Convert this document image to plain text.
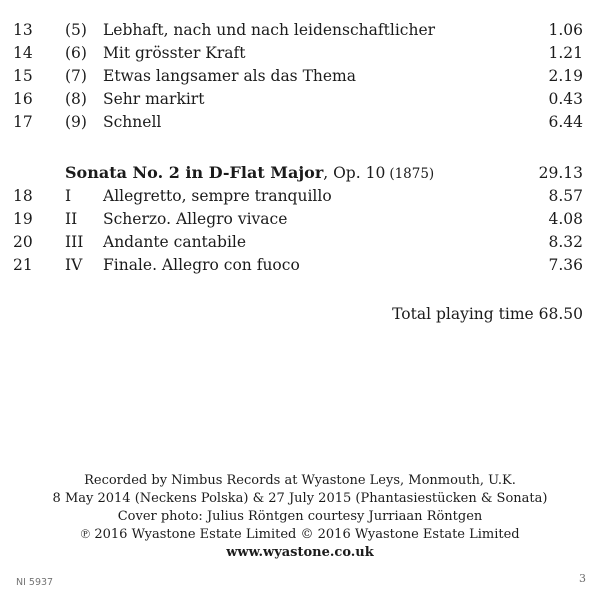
13	(5)	Lebhaft, nach und nach leidenschaftlicher	1.06
14	(6)	Mit grösster Kraft	1.21
15	(7)	Etwas langsamer als das Thema	2.19
16	(8)	Sehr markirt	0.43
17	(9)	Schnell	6.44
Sonata No. 2 in D-Flat Major, Op. 10 (1875)	29.13
18	I	Allegretto, sempre tranquillo	8.57
19	II	Scherzo. Allegro vivace	4.08
20	III	Andante cantabile	8.32
21	IV	Finale. Allegro con fuoco	7.36
Total playing time 68.50
Recorded by Nimbus Records at Wyastone Leys, Monmouth, U.K.
8 May 2014 (Neckens Polska) & 27 July 2015 (Phantasiestücken & Sonata)
Cover photo: Julius Röntgen courtesy Jurriaan Röntgen
℗ 2016 Wyastone Estate Limited © 2016 Wyastone Estate Limited
www.wyastone.co.uk
NI 5937	3
